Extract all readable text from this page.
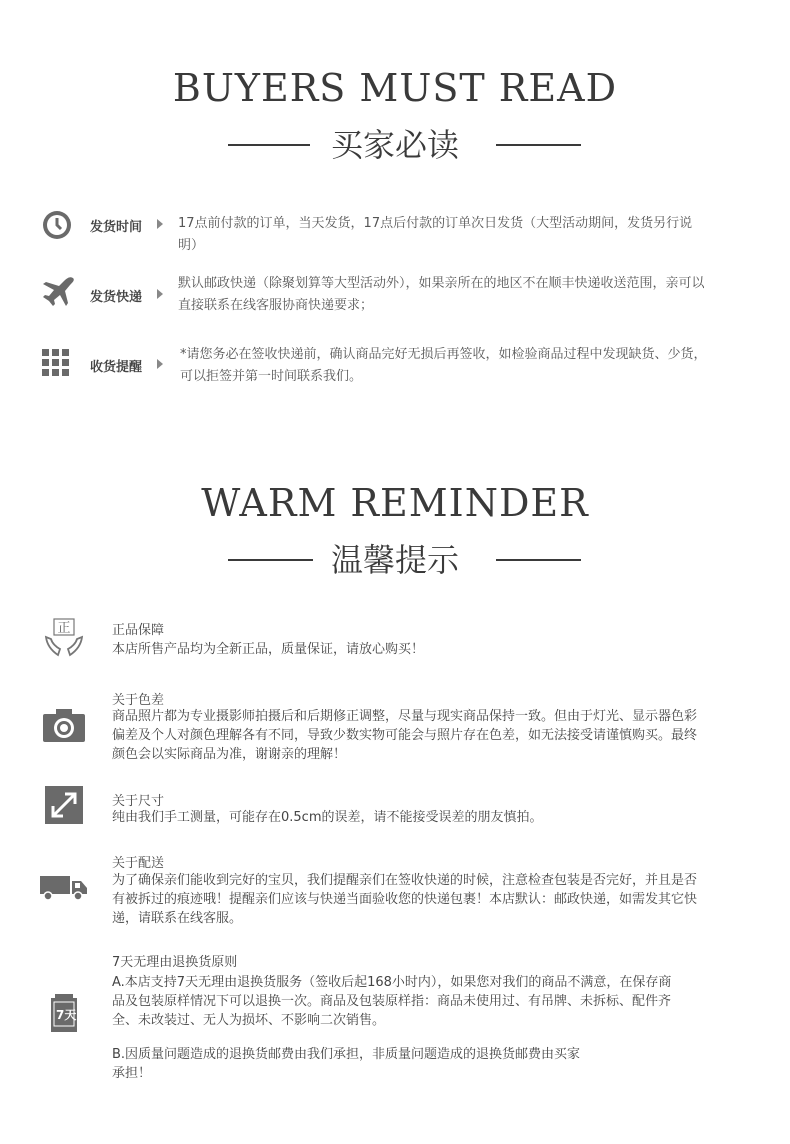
BUYERS MUST READ
买家必读
发货时间	17点前付款的订单，当天发货，17点后付款的订单次日发货（大型活动期间，发货另行说明）
发货快递
默认邮政快递（除聚划算等大型活动外），如果亲所在的地区不在顺丰快递收送范围，亲可以直接联系在线客服协商快递要求；
收货提醒
*请您务必在签收快递前，确认商品完好无损后再签收，如检验商品过程中发现缺货、少货，可以拒签并第一时间联系我们。
WARM REMINDER
温馨提示
正	正品保障
本店所售产品均为全新正品，质量保证，请放心购买！
关于色差
商品照片都为专业摄影师拍摄后和后期修正调整，尽量与现实商品保持一致。但由于灯光、显示器色彩偏差及个人对颜色理解各有不同，导致少数实物可能会与照片存在色差，如无法接受请谨慎购买。最终颜色会以实际商品为准，谢谢亲的理解！
关于尺寸
纯由我们手工测量，可能存在0.5cm的误差，请不能接受误差的朋友慎拍。
关于配送
为了确保亲们能收到完好的宝贝，我们提醒亲们在签收快递的时候，注意检查包装是否完好，并且是否有被拆过的痕迹哦！提醒亲们应该与快递当面验收您的快递包裹！本店默认：邮政快递，如需发其它快递，请联系在线客服。
7天
7天无理由退换货原则
A.本店支持7天无理由退换货服务（签收后起168小时内），如果您对我们的商品不满意，在保存商品及包装原样情况下可以退换一次。商品及包装原样指：商品未使用过、有吊牌、未拆标、配件齐全、未改装过、无人为损坏、不影响二次销售。
B.因质量问题造成的退换货邮费由我们承担，非质量问题造成的退换货邮费由买家承担！
